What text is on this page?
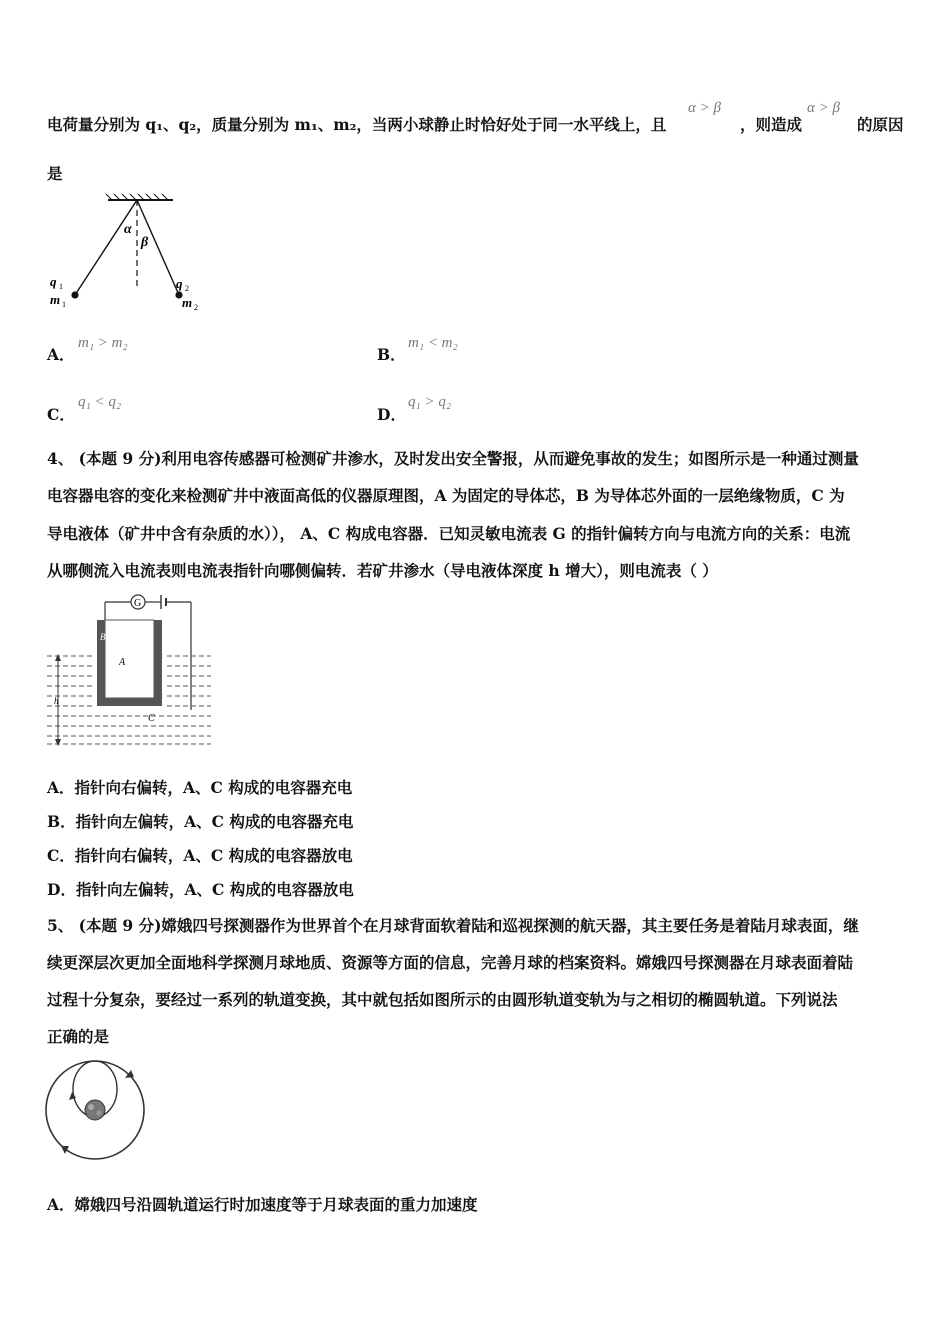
电荷量分别为 q₁、q₂，质量分别为 m₁、m₂，当两小球静止时恰好处于同一水平线上，且
α > β
，则造成
α > β
的原因
是
α
β
q 1
m 1
q 2
m 2
A．
m₁ > m₂
B．
m₁ < m₂
C．
q₁ < q₂
D．
q₁ > q₂
4、 (本题 9 分)利用电容传感器可检测矿井渗水，及时发出安全警报，从而避免事故的发生；如图所示是一种通过测量
电容器电容的变化来检测矿井中液面高低的仪器原理图，A 为固定的导体芯，B 为导体芯外面的一层绝缘物质，C 为
导电液体（矿井中含有杂质的水））， A、C 构成电容器．已知灵敏电流表 G 的指针偏转方向与电流方向的关系：电流
从哪侧流入电流表则电流表指针向哪侧偏转．若矿井渗水（导电液体深度 h 增大），则电流表（ ）
G
B
A
h
C
A．指针向右偏转，A、C 构成的电容器充电
B．指针向左偏转，A、C 构成的电容器充电
C．指针向右偏转，A、C 构成的电容器放电
D．指针向左偏转，A、C 构成的电容器放电
5、 (本题 9 分)嫦娥四号探测器作为世界首个在月球背面软着陆和巡视探测的航天器，其主要任务是着陆月球表面，继
续更深层次更加全面地科学探测月球地质、资源等方面的信息，完善月球的档案资料。嫦娥四号探测器在月球表面着陆
过程十分复杂，要经过一系列的轨道变换，其中就包括如图所示的由圆形轨道变轨为与之相切的椭圆轨道。下列说法
正确的是
A．嫦娥四号沿圆轨道运行时加速度等于月球表面的重力加速度
